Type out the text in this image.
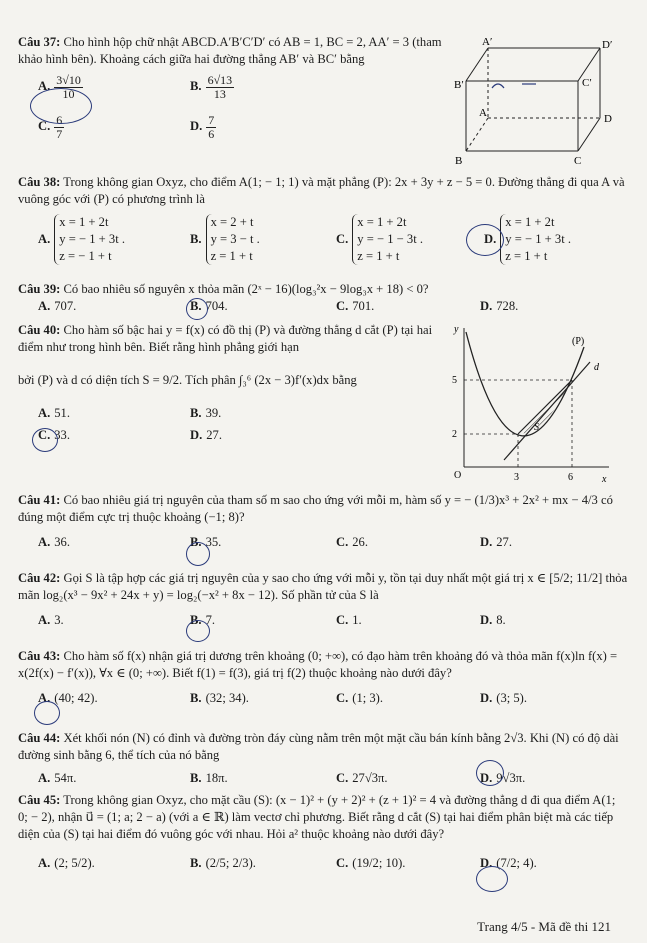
Câu 37: Cho hình hộp chữ nhật ABCD.A′B′C′D′ có AB = 1, BC = 2, AA′ = 3 (tham khảo hình bên). Khoảng cách giữa hai đường thẳng AB′ và BC′ bằng

A. $\frac{3√10}{10}$	B. $\frac{6√13}{13}$
C. $\frac{6}{7}$	D. $\frac{7}{6}$
A′	D′
B′	C′
A	D
B	C

Câu 38: Trong không gian Oxyz, cho điểm A(1; − 1; 1) và mặt phẳng (P): 2x + 3y + z − 5 = 0. Đường thẳng đi qua A và vuông góc với (P) có phương trình là

A.
x = 1 + 2t
y = − 1 + 3t .
z = − 1 + t
B.
x = 2 + t
y = 3 − t .
z = 1 + t
C.
x = 1 + 2t
y = − 1 − 3t .
z = 1 + t
D.
x = 1 + 2t
y = − 1 + 3t .
z = 1 + t

Câu 39: Có bao nhiêu số nguyên x thỏa mãn (2ˣ − 16)(log₃²x − 9log₃x + 18) < 0?

A. 707.	B. 704.	C. 701.	D. 728.

Câu 40: Cho hàm số bậc hai y = f(x) có đồ thị (P) và đường thẳng d cắt (P) tại hai điểm như trong hình bên. Biết rằng hình phẳng giới hạn

bởi (P) và d có diện tích S = 9/2. Tích phân ∫₃⁶ (2x − 3)f′(x)dx bằng

A. 51.	B. 39.
C. 33.	D. 27.
y
x
O
(P)
d
S
3	6
2
5

Câu 41: Có bao nhiêu giá trị nguyên của tham số m sao cho ứng với mỗi m, hàm số y = − (1/3)x³ + 2x² + mx − 4/3 có đúng một điểm cực trị thuộc khoảng (−1; 8)?

A. 36.	B. 35.	C. 26.	D. 27.

Câu 42: Gọi S là tập hợp các giá trị nguyên của y sao cho ứng với mỗi y, tồn tại duy nhất một giá trị x ∈ [5/2; 11/2] thỏa mãn log₂(x³ − 9x² + 24x + y) = log₂(−x² + 8x − 12). Số phần tử của S là

A. 3.	B. 7.	C. 1.	D. 8.

Câu 43: Cho hàm số f(x) nhận giá trị dương trên khoảng (0; +∞), có đạo hàm trên khoảng đó và thỏa mãn f(x)ln f(x) = x(2f(x) − f′(x)), ∀x ∈ (0; +∞). Biết f(1) = f(3), giá trị f(2) thuộc khoảng nào dưới đây?

A. (40; 42).	B. (32; 34).	C. (1; 3).	D. (3; 5).

Câu 44: Xét khối nón (N) có đỉnh và đường tròn đáy cùng nằm trên một mặt cầu bán kính bằng 2√3. Khi (N) có độ dài đường sinh bằng 6, thể tích của nó bằng

A. 54π.	B. 18π.	C. 27√3π.	D. 9√3π.

Câu 45: Trong không gian Oxyz, cho mặt cầu (S): (x − 1)² + (y + 2)² + (z + 1)² = 4 và đường thẳng d đi qua điểm A(1; 0; − 2), nhận u⃗ = (1; a; 2 − a) (với a ∈ ℝ) làm vectơ chỉ phương. Biết rằng d cắt (S) tại hai điểm phân biệt mà các tiếp diện của (S) tại hai điểm đó vuông góc với nhau. Hỏi a² thuộc khoảng nào dưới đây?

A. (2; 5/2).	B. (2/5; 2/3).	C. (19/2; 10).	D. (7/2; 4).
Trang 4/5 - Mã đề thi 121
